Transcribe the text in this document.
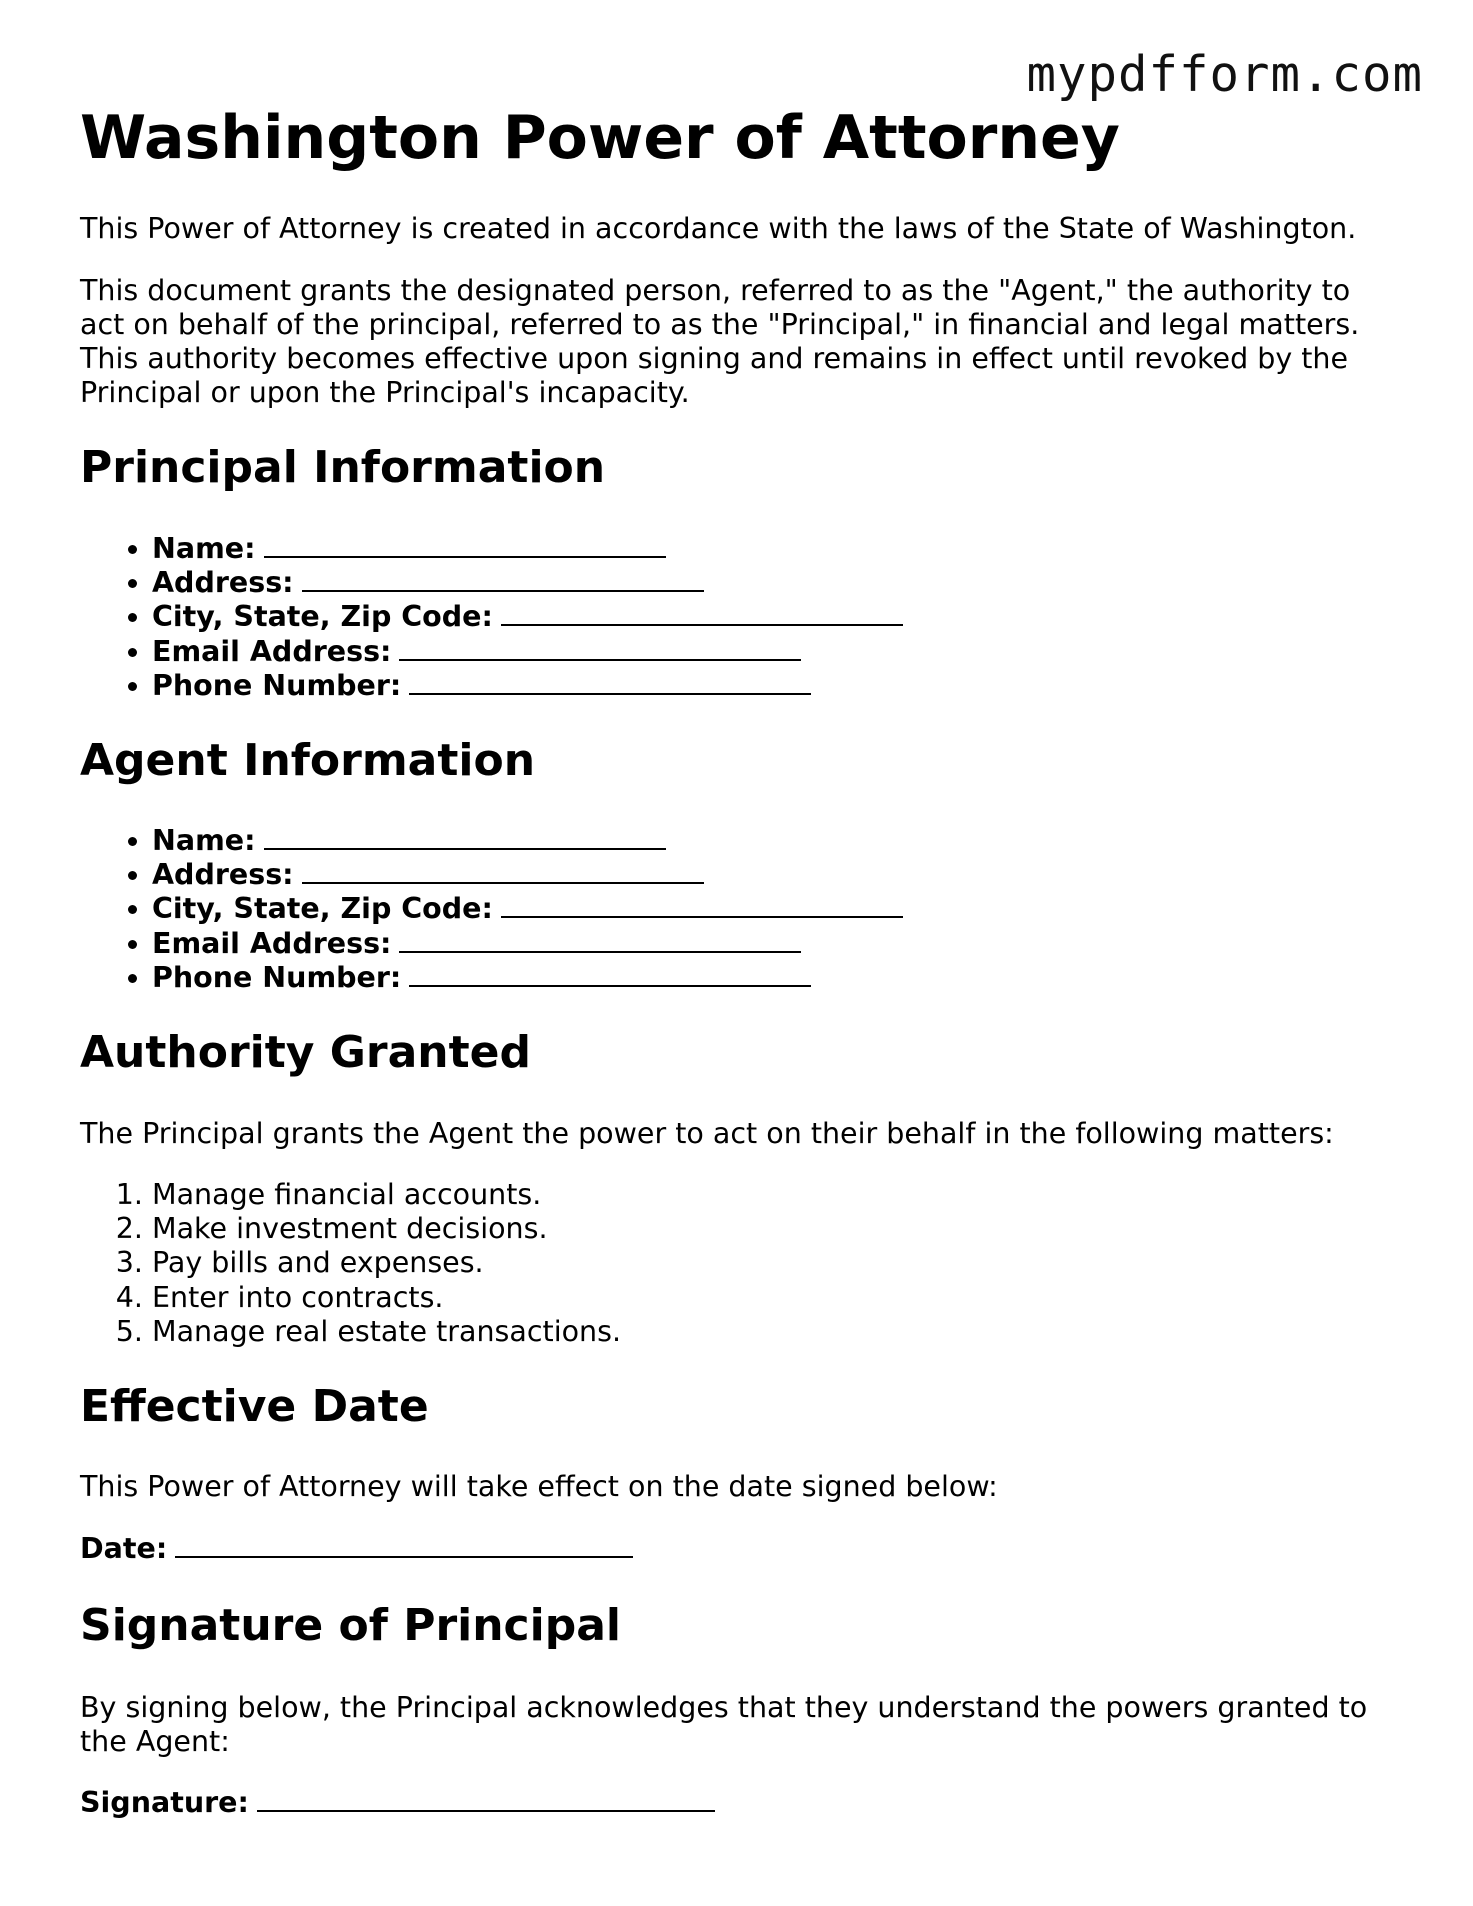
mypdfform.com
Washington Power of Attorney

This Power of Attorney is created in accordance with the laws of the State of Washington.

This document grants the designated person, referred to as the "Agent," the authority to act on behalf of the principal, referred to as the "Principal," in financial and legal matters. This authority becomes effective upon signing and remains in effect until revoked by the Principal or upon the Principal's incapacity.

Principal Information
• Name:
• Address:
• City, State, Zip Code:
• Email Address:
• Phone Number:
Agent Information
• Name:
• Address:
• City, State, Zip Code:
• Email Address:
• Phone Number:
Authority Granted

The Principal grants the Agent the power to act on their behalf in the following matters:

1. Manage financial accounts.
2. Make investment decisions.
3. Pay bills and expenses.
4. Enter into contracts.
5. Manage real estate transactions.
Effective Date

This Power of Attorney will take effect on the date signed below:

Date:

Signature of Principal

By signing below, the Principal acknowledges that they understand the powers granted to the Agent:

Signature:
